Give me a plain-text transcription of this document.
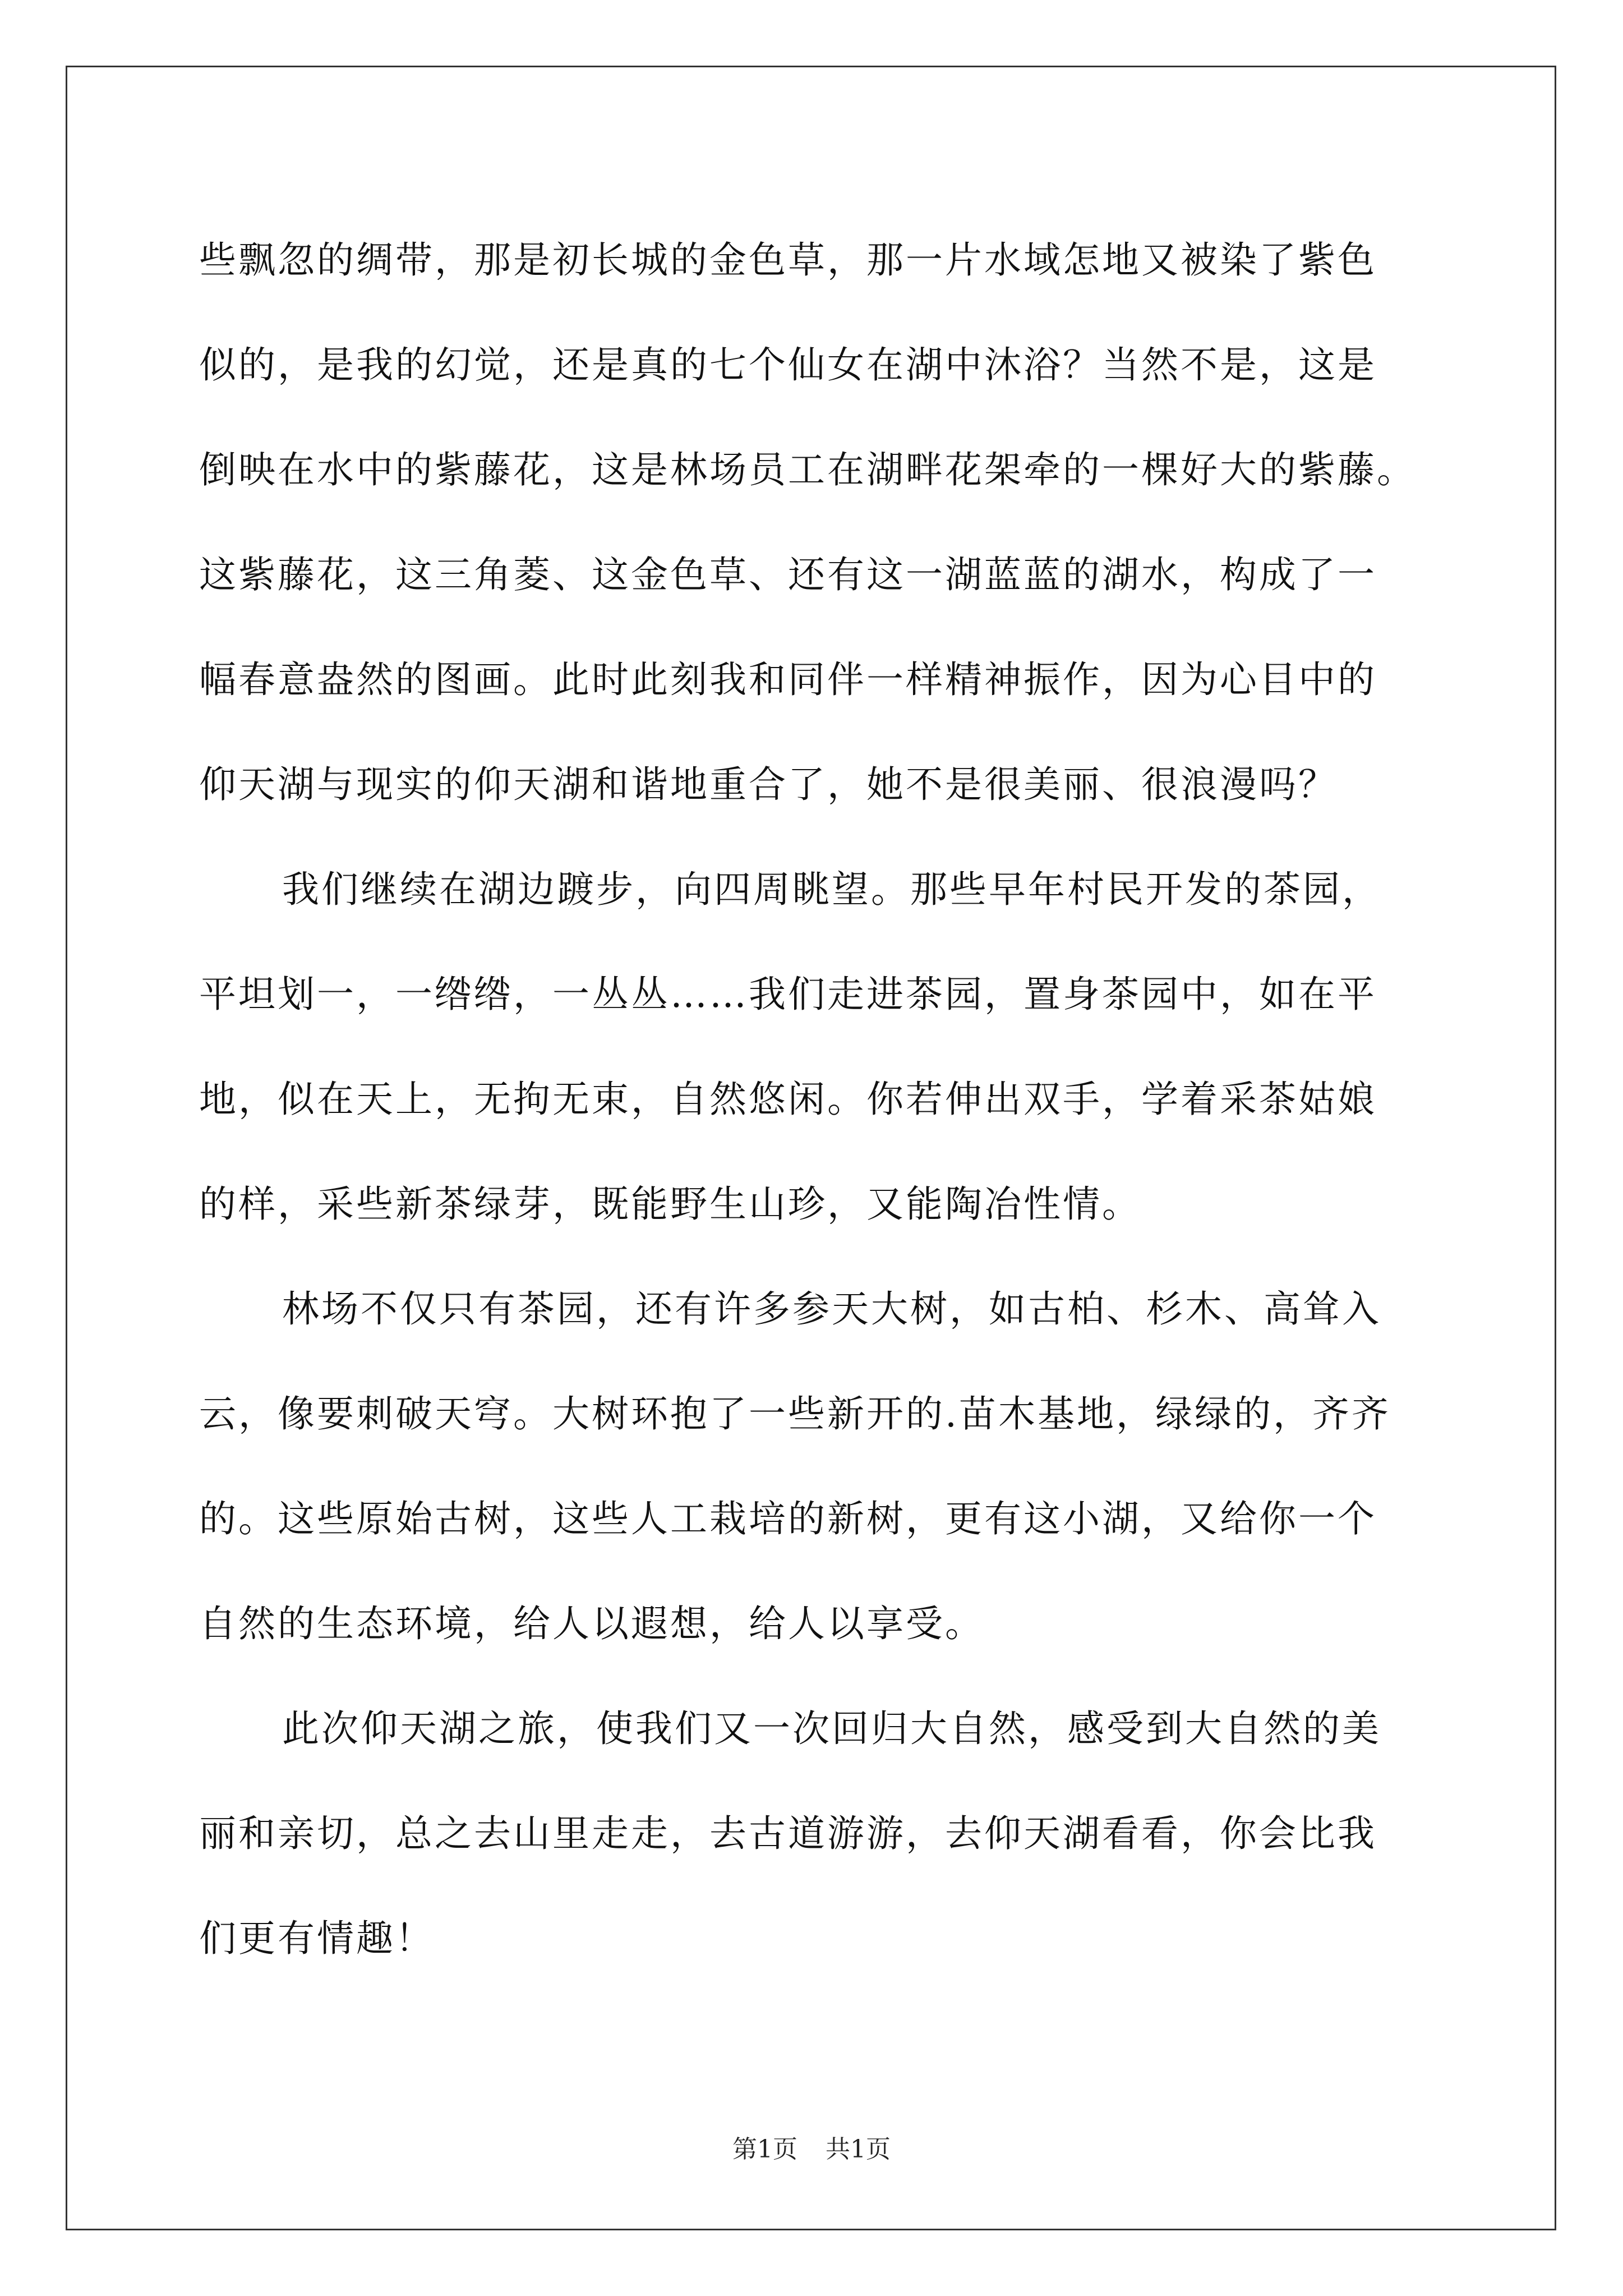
些飘忽的绸带，那是初长城的金色草，那一片水域怎地又被染了紫色
似的，是我的幻觉，还是真的七个仙女在湖中沐浴？当然不是，这是
倒映在水中的紫藤花，这是林场员工在湖畔花架牵的一棵好大的紫藤。
这紫藤花，这三角菱、这金色草、还有这一湖蓝蓝的湖水，构成了一
幅春意盎然的图画。此时此刻我和同伴一样精神振作，因为心目中的
仰天湖与现实的仰天湖和谐地重合了，她不是很美丽、很浪漫吗？
我们继续在湖边踱步，向四周眺望。那些早年村民开发的茶园，
平坦划一，一绺绺，一丛丛……我们走进茶园，置身茶园中，如在平
地，似在天上，无拘无束，自然悠闲。你若伸出双手，学着采茶姑娘
的样，采些新茶绿芽，既能野生山珍，又能陶冶性情。
林场不仅只有茶园，还有许多参天大树，如古柏、杉木、高耸入
云，像要刺破天穹。大树环抱了一些新开的.苗木基地，绿绿的，齐齐
的。这些原始古树，这些人工栽培的新树，更有这小湖，又给你一个
自然的生态环境，给人以遐想，给人以享受。
此次仰天湖之旅，使我们又一次回归大自然，感受到大自然的美
丽和亲切，总之去山里走走，去古道游游，去仰天湖看看，你会比我
们更有情趣！
第1页 共1页
